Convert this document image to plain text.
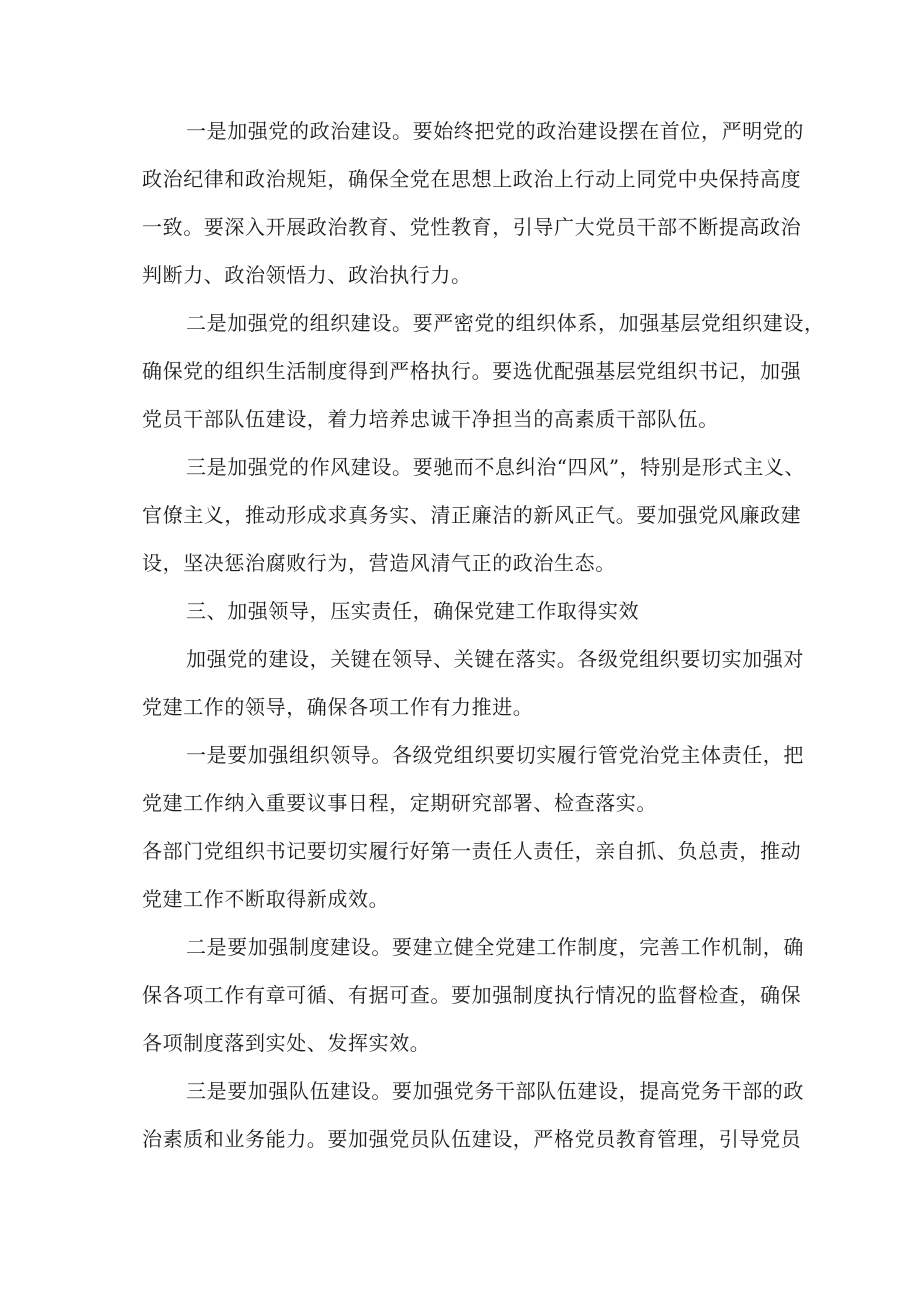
一是加强党的政治建设。要始终把党的政治建设摆在首位，严明党的
政治纪律和政治规矩，确保全党在思想上政治上行动上同党中央保持高度
一致。要深入开展政治教育、党性教育，引导广大党员干部不断提高政治
判断力、政治领悟力、政治执行力。
二是加强党的组织建设。要严密党的组织体系，加强基层党组织建设，
确保党的组织生活制度得到严格执行。要选优配强基层党组织书记，加强
党员干部队伍建设，着力培养忠诚干净担当的高素质干部队伍。
三是加强党的作风建设。要驰而不息纠治“四风”，特别是形式主义、
官僚主义，推动形成求真务实、清正廉洁的新风正气。要加强党风廉政建
设，坚决惩治腐败行为，营造风清气正的政治生态。
三、加强领导，压实责任，确保党建工作取得实效
加强党的建设，关键在领导、关键在落实。各级党组织要切实加强对
党建工作的领导，确保各项工作有力推进。
一是要加强组织领导。各级党组织要切实履行管党治党主体责任，把
党建工作纳入重要议事日程，定期研究部署、检查落实。
各部门党组织书记要切实履行好第一责任人责任，亲自抓、负总责，推动
党建工作不断取得新成效。
二是要加强制度建设。要建立健全党建工作制度，完善工作机制，确
保各项工作有章可循、有据可查。要加强制度执行情况的监督检查，确保
各项制度落到实处、发挥实效。
三是要加强队伍建设。要加强党务干部队伍建设，提高党务干部的政
治素质和业务能力。要加强党员队伍建设，严格党员教育管理，引导党员
